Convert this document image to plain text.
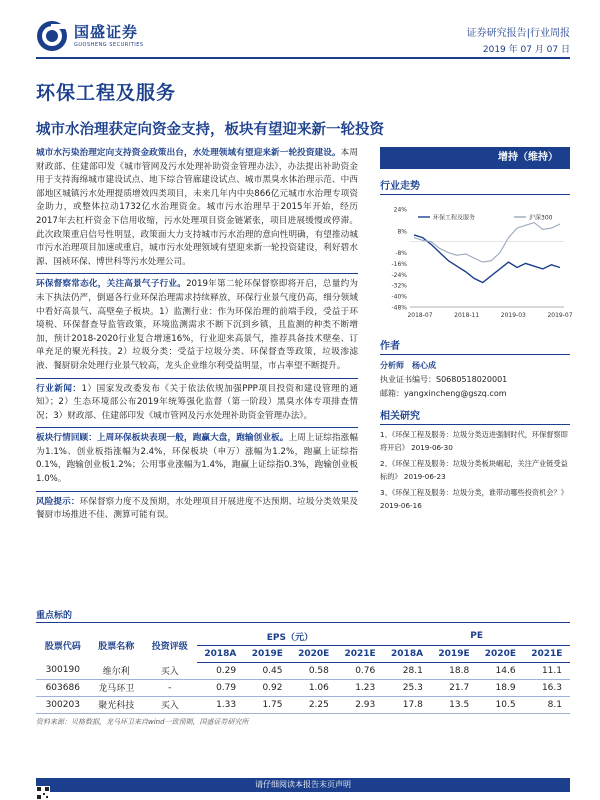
国盛证券
GUOSHENG SECURITIES
证券研究报告|行业周报
2019 年 07 月 07 日
环保工程及服务
城市水治理获定向资金支持，板块有望迎来新一轮投资

城市水污染治理定向支持资金政策出台，水处理领域有望迎来新一轮投资建设。本周财政部、住建部印发《城市管网及污水处理补助资金管理办法》，办法提出补助资金用于支持海绵城市建设试点、地下综合管廊建设试点、城市黑臭水体治理示范、中西部地区城镇污水处理提质增效四类项目，未来几年内中央866亿元城市水治理专项资金助力，或整体拉动1732亿水治理资金。城市污水治理早于2015年开始，经历2017年去杠杆资金下信用收缩，污水处理项目资金链紧张，项目进展缓慢或停滞。此次政策重启信号性明显，政策面大力支持城市污水治理的意向性明确，有望推动城市污水治理项目加速或重启，城市污水处理领域有望迎来新一轮投资建设，利好碧水源、国祯环保、博世科等污水处理公司。

环保督察常态化，关注高景气子行业。2019年第二轮环保督察即将开启，总量约为未下执法仍严，倒逼各行业环保治理需求持续释放，环保行业景气度仍高，细分领域中看好高景气、高壁垒子板块。1）监测行业：作为环保治理的前端手段，受益于环境税、环保督查导监管政策，环境监测需求不断下沉到乡镇，且监测的种类不断增加，预计2018-2020行业复合增速16%，行业迎来高景气，推荐具备技术壁垒、订单充足的聚光科技。2）垃圾分类：受益于垃圾分类、环保督查等政策，垃圾渗滤液、餐厨厨余处理行业景气较高，龙头企业维尔利受益明显，市占率望不断提升。

行业新闻：1）国家发改委发布《关于依法依规加强PPP项目投资和建设管理的通知》；2）生态环境部公布2019年统筹强化监督（第一阶段）黑臭水体专项排查情况；3）财政部、住建部印发《城市管网及污水处理补助资金管理办法》。

板块行情回顾：上周环保板块表现一般，跑赢大盘，跑输创业板。上周上证综指涨幅为1.1%、创业板指涨幅为2.4%，环保板块（申万）涨幅为1.2%，跑赢上证综指0.1%，跑输创业板1.2%；公用事业涨幅为1.4%，跑赢上证综指0.3%，跑输创业板1.0%。

风险提示：环保督察力度不及预期，水处理项目开展进度不达预期、垃圾分类效果及餐厨市场推进不佳、测算可能有误。

增持（维持）
行业走势
24%
8%
-8%
-16%
-24%
-32%
-40%
-48%
2018-07	2018-11	2019-03	2019-07
环保工程及服务	沪深300
作者
分析师　 杨心成
执业证书编号：S0680518020001
邮箱：yangxincheng@gszq.com
相关研究
1、《环保工程及服务：垃圾分类迈进强制时代，环保督察即将开启》 2019-06-30
2、《环保工程及服务：垃圾分类板块崛起，关注产业链受益标的》 2019-06-23
3、《环保工程及服务：垃圾分类，谁带动哪些投资机会？》 2019-06-16
重点标的
股票代码	股票名称	投资评级	EPS（元）				PE			
			2018A	2019E	2020E	2021E	2018A	2019E	2020E	2021E
300190	维尔利	买入	0.29	0.45	0.58	0.76	28.1	18.8	14.6	11.1
603686	龙马环卫	-	0.79	0.92	1.06	1.23	25.3	21.7	18.9	16.3
300203	聚光科技	买入	1.33	1.75	2.25	2.93	17.8	13.5	10.5	8.1
资料来源：贝格数据，龙马环卫来自wind一致预期，国盛证券研究所
请仔细阅读本报告末页声明
